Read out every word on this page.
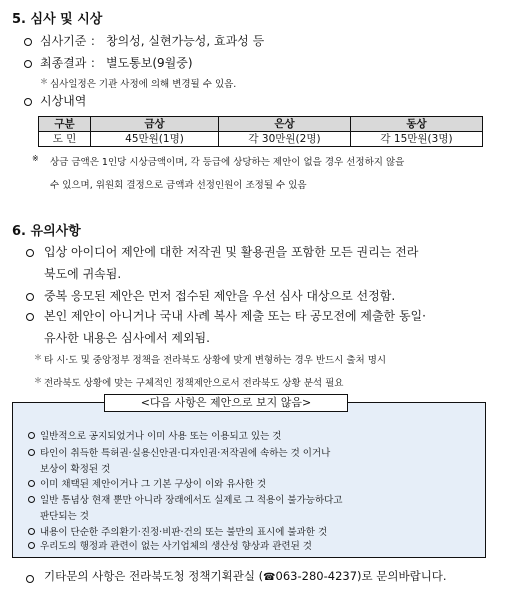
5. 심사 및 시상
심사기준 ： 창의성, 실현가능성, 효과성 등
최종결과 ： 별도통보(9월중)
＊ 심사일정은 기관 사정에 의해 변경될 수 있음.
시상내역
구분	금상	은상	동상
도 민	45만원(1명)	각 30만원(2명)	각 15만원(3명)
※ 상금 금액은 1인당 시상금액이며, 각 등급에 상당하는 제안이 없을 경우 선정하지 않을
수 있으며, 위원회 결정으로 금액과 선정인원이 조정될 수 있음
6. 유의사항
입상 아이디어 제안에 대한 저작권 및 활용권을 포함한 모든 권리는 전라
북도에 귀속됨.
중복 응모된 제안은 먼저 접수된 제안을 우선 심사 대상으로 선정함.
본인 제안이 아니거나 국내 사례 복사 제출 또는 타 공모전에 제출한 동일·
유사한 내용은 심사에서 제외됨.
＊ 타 시·도 및 중앙정부 정책을 전라북도 상황에 맞게 변형하는 경우 반드시 출처 명시
＊ 전라북도 상황에 맞는 구체적인 정책제안으로서 전라북도 상황 분석 필요
<다음 사항은 제안으로 보지 않음>
일반적으로 공지되었거나 이미 사용 또는 이용되고 있는 것
타인이 취득한 특허권·실용신안권·디자인권·저작권에 속하는 것 이거나
보상이 확정된 것
이미 채택된 제안이거나 그 기본 구상이 이와 유사한 것
일반 통념상 현재 뿐만 아니라 장래에서도 실제로 그 적용이 불가능하다고
판단되는 것
내용이 단순한 주의환기·진정·비판·건의 또는 불만의 표시에 불과한 것
우리도의 행정과 관련이 없는 사기업체의 생산성 향상과 관련된 것
기타문의 사항은 전라북도청 정책기획관실 (☎063-280-4237)로 문의바랍니다.
